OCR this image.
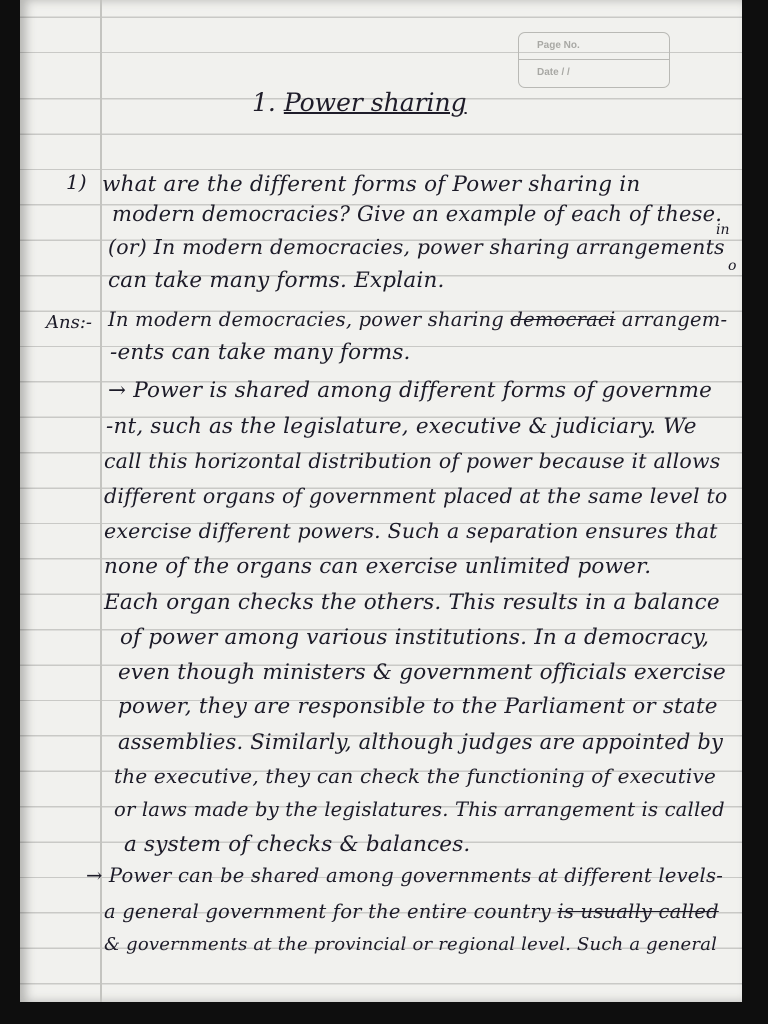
Page No.
Date / /
1. Power sharing
1)
Ans:-
what are the different forms of Power sharing in
modern democracies? Give an example of each of these.
(or) In modern democracies, power sharing arrangements
can take many forms. Explain.
In modern democracies, power sharing democraci arrangem-
-ents can take many forms.
→ Power is shared among different forms of governme
-nt, such as the legislature, executive & judiciary. We
call this horizontal distribution of power because it allows
different organs of government placed at the same level to
exercise different powers. Such a separation ensures that
none of the organs can exercise unlimited power.
Each organ checks the others. This results in a balance
of power among various institutions. In a democracy,
even though ministers & government officials exercise
power, they are responsible to the Parliament or state
assemblies. Similarly, although judges are appointed by
the executive, they can check the functioning of executive
or laws made by the legislatures. This arrangement is called
a system of checks & balances.
→ Power can be shared among governments at different levels-
a general government for the entire country is usually called
& governments at the provincial or regional level. Such a general
in
o
